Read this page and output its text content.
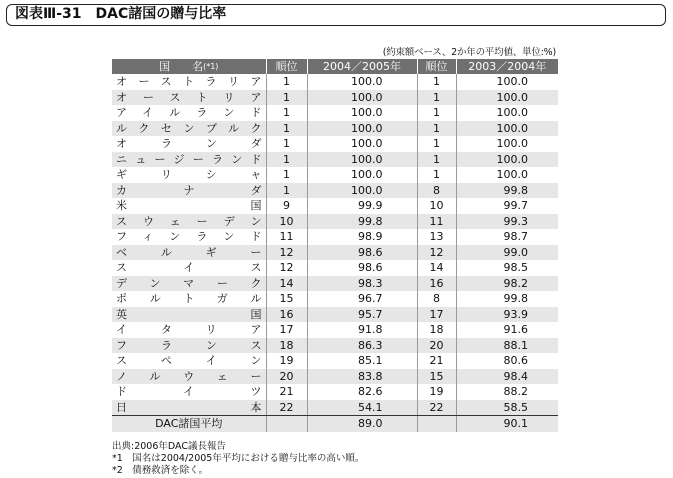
図表Ⅲ-31 DAC諸国の贈与比率
(約束額ベース、2か年の平均値、単位:%)
国　　名$^{(*1)}$	順位	2004／2005年	順位	2003／2004年
オーストラリア	1	100.0	1	100.0
オーストリア	1	100.0	1	100.0
アイルランド	1	100.0	1	100.0
ルクセンブルク	1	100.0	1	100.0
オランダ	1	100.0	1	100.0
ニュージーランド	1	100.0	1	100.0
ギリシャ	1	100.0	1	100.0
カナダ	1	100.0	8	99.8
米国	9	99.9	10	99.7
スウェーデン	10	99.8	11	99.3
フィンランド	11	98.9	13	98.7
ベルギー	12	98.6	12	99.0
スイス	12	98.6	14	98.5
デンマーク	14	98.3	16	98.2
ポルトガル	15	96.7	8	99.8
英国	16	95.7	17	93.9
イタリア	17	91.8	18	91.6
フランス	18	86.3	20	88.1
スペイン	19	85.1	21	80.6
ノルウェー	20	83.8	15	98.4
ドイツ	21	82.6	19	88.2
日本	22	54.1	22	58.5
DAC諸国平均		89.0		90.1
出典:2006年DAC議長報告
*1　国名は2004/2005年平均における贈与比率の高い順。
*2　債務救済を除く。
